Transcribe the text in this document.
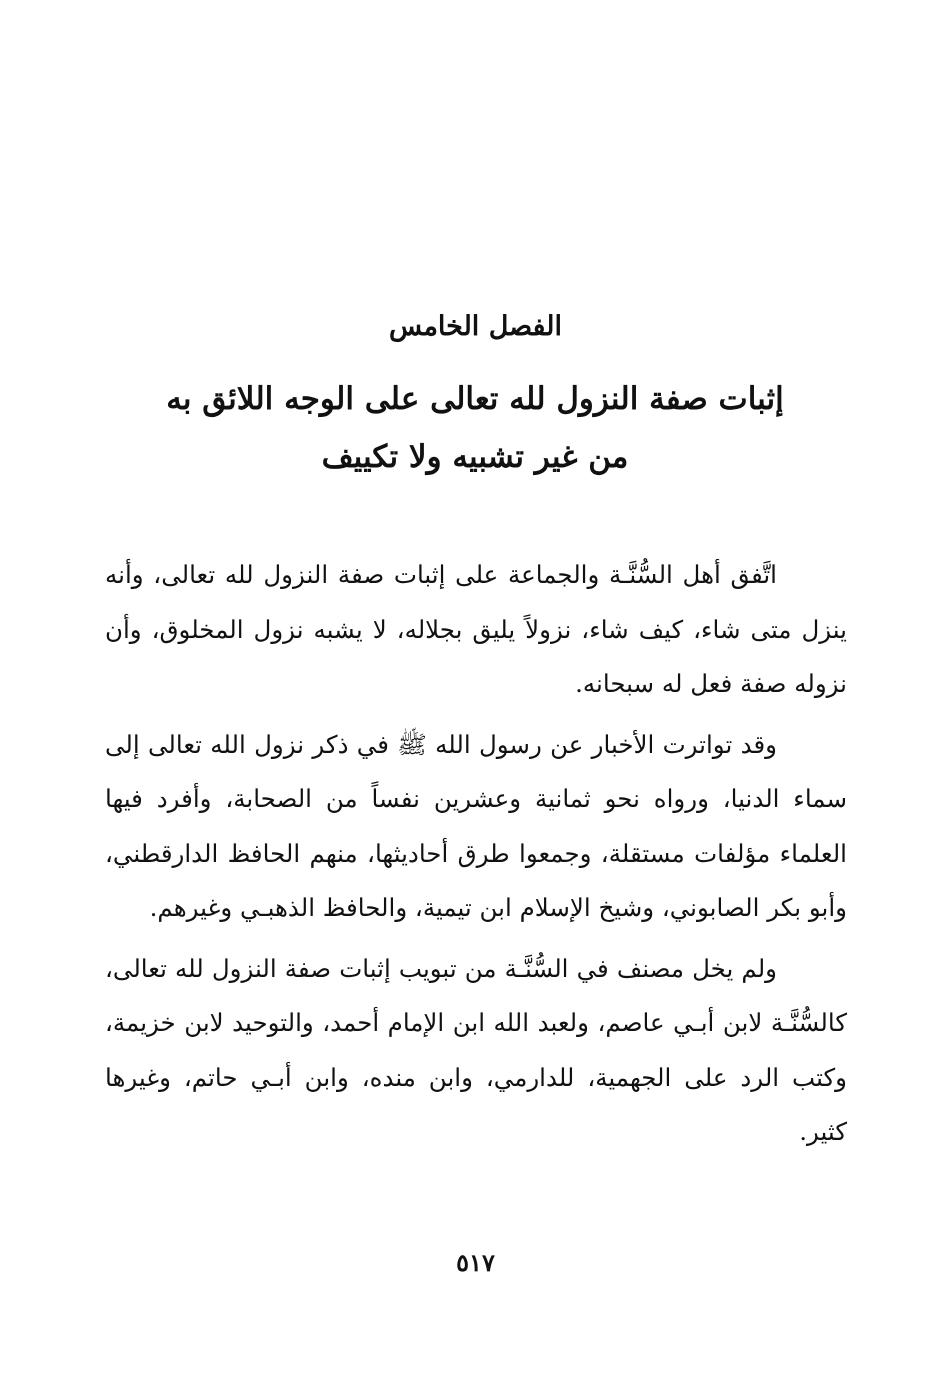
الفصل الخامس
إثبات صفة النزول لله تعالى على الوجه اللائق به
من غير تشبيه ولا تكييف

اتَّفق أهل السُّنَّـة والجماعة على إثبات صفة النزول لله تعالى، وأنه ينزل متى شاء، كيف شاء، نزولاً يليق بجلاله، لا يشبه نزول المخلوق، وأن نزوله صفة فعل له سبحانه.

وقد تواترت الأخبار عن رسول الله ﷺ في ذكر نزول الله تعالى إلى سماء الدنيا، ورواه نحو ثمانية وعشرين نفساً من الصحابة، وأفرد فيها العلماء مؤلفات مستقلة، وجمعوا طرق أحاديثها، منهم الحافظ الدارقطني، وأبو بكر الصابوني، وشيخ الإسلام ابن تيمية، والحافظ الذهبـي وغيرهم.

ولم يخل مصنف في السُّنَّـة من تبويب إثبات صفة النزول لله تعالى، كالسُّنَّـة لابن أبـي عاصم، ولعبد الله ابن الإمام أحمد، والتوحيد لابن خزيمة، وكتب الرد على الجهمية، للدارمي، وابن منده، وابن أبـي حاتم، وغيرها كثير.

٥١٧
